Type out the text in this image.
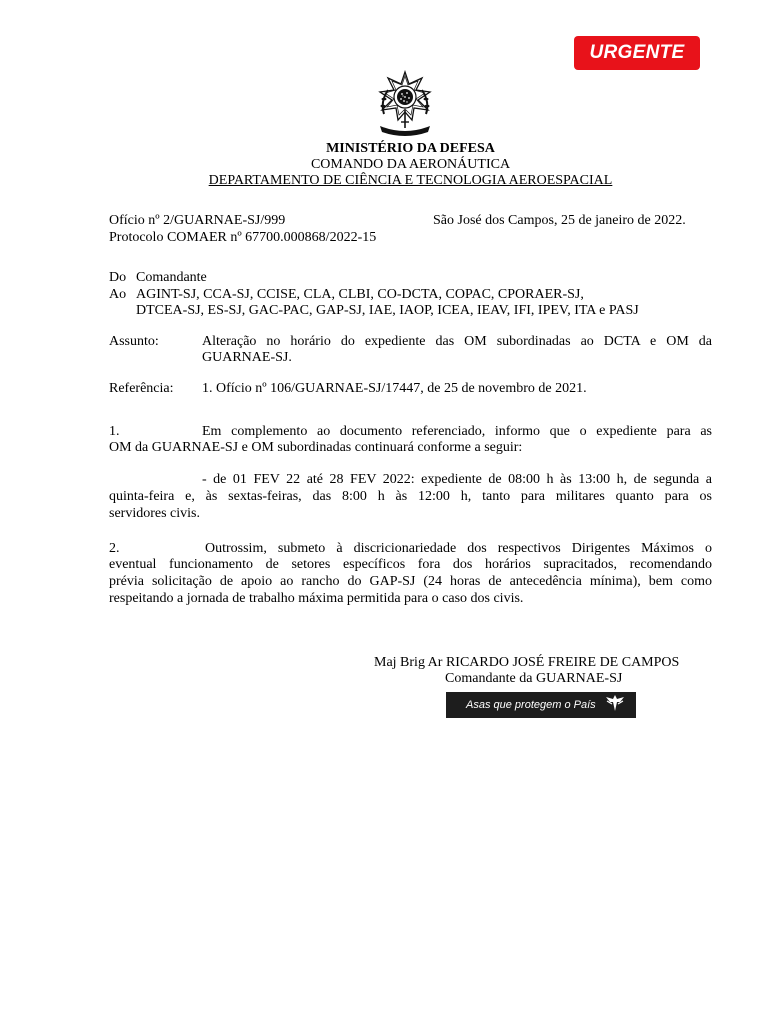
URGENTE
MINISTÉRIO DA DEFESA
COMANDO DA AERONÁUTICA
DEPARTAMENTO DE CIÊNCIA E TECNOLOGIA AEROESPACIAL
Ofício nº 2/GUARNAE-SJ/999	São José dos Campos, 25 de janeiro de 2022.
Protocolo COMAER nº 67700.000868/2022-15
Do Comandante
Ao AGINT-SJ, CCA-SJ, CCISE, CLA, CLBI, CO-DCTA, COPAC, CPORAER-SJ,
DTCEA-SJ, ES-SJ, GAC-PAC, GAP-SJ, IAE, IAOP, ICEA, IEAV, IFI, IPEV, ITA e PASJ
Assunto:	Alteração no horário do expediente das OM subordinadas ao DCTA e OM da
GUARNAE-SJ.
Referência: 1. Ofício nº 106/GUARNAE-SJ/17447, de 25 de novembro de 2021.
1.	Em complemento ao documento referenciado, informo que o expediente para as
OM da GUARNAE-SJ e OM subordinadas continuará conforme a seguir:
- de 01 FEV 22 até 28 FEV 2022: expediente de 08:00 h às 13:00 h, de segunda a
quinta-feira e, às sextas-feiras, das 8:00 h às 12:00 h, tanto para militares quanto para os
servidores civis.
2.	Outrossim, submeto à discricionariedade dos respectivos Dirigentes Máximos o
eventual funcionamento de setores específicos fora dos horários supracitados, recomendando
prévia solicitação de apoio ao rancho do GAP-SJ (24 horas de antecedência mínima), bem como
respeitando a jornada de trabalho máxima permitida para o caso dos civis.
Maj Brig Ar RICARDO JOSÉ FREIRE DE CAMPOS
Comandante da GUARNAE-SJ
Asas que protegem o País
